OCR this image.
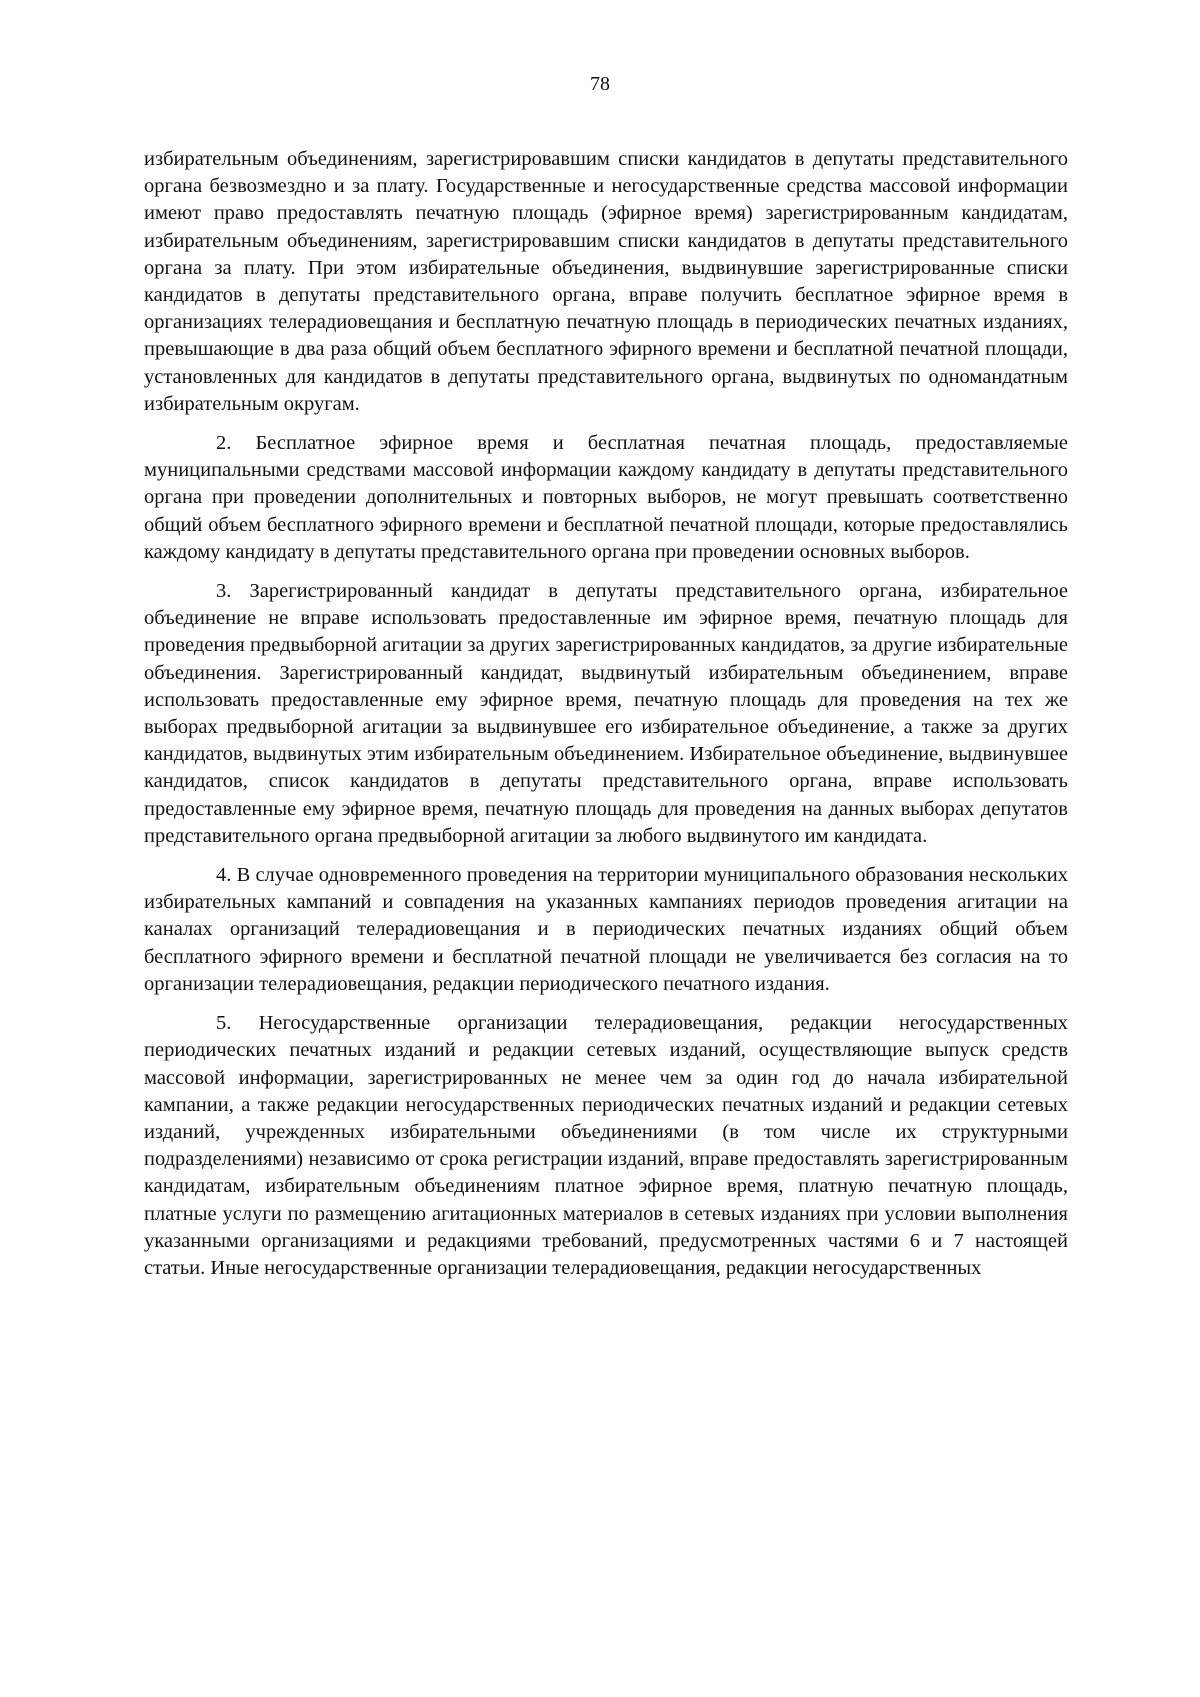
78

избирательным объединениям, зарегистрировавшим списки кандидатов в депутаты представительного органа безвозмездно и за плату. Государственные и негосударственные средства массовой информации имеют право предоставлять печатную площадь (эфирное время) зарегистрированным кандидатам, избирательным объединениям, зарегистрировавшим списки кандидатов в депутаты представительного органа за плату. При этом избирательные объединения, выдвинувшие зарегистрированные списки кандидатов в депутаты представительного органа, вправе получить бесплатное эфирное время в организациях телерадиовещания и бесплатную печатную площадь в периодических печатных изданиях, превышающие в два раза общий объем бесплатного эфирного времени и бесплатной печатной площади, установленных для кандидатов в депутаты представительного органа, выдвинутых по одномандатным избирательным округам.

2. Бесплатное эфирное время и бесплатная печатная площадь, предоставляемые муниципальными средствами массовой информации каждому кандидату в депутаты представительного органа при проведении дополнительных и повторных выборов, не могут превышать соответственно общий объем бесплатного эфирного времени и бесплатной печатной площади, которые предоставлялись каждому кандидату в депутаты представительного органа при проведении основных выборов.

3. Зарегистрированный кандидат в депутаты представительного органа, избирательное объединение не вправе использовать предоставленные им эфирное время, печатную площадь для проведения предвыборной агитации за других зарегистрированных кандидатов, за другие избирательные объединения. Зарегистрированный кандидат, выдвинутый избирательным объединением, вправе использовать предоставленные ему эфирное время, печатную площадь для проведения на тех же выборах предвыборной агитации за выдвинувшее его избирательное объединение, а также за других кандидатов, выдвинутых этим избирательным объединением. Избирательное объединение, выдвинувшее кандидатов, список кандидатов в депутаты представительного органа, вправе использовать предоставленные ему эфирное время, печатную площадь для проведения на данных выборах депутатов представительного органа предвыборной агитации за любого выдвинутого им кандидата.

4. В случае одновременного проведения на территории муниципального образования нескольких избирательных кампаний и совпадения на указанных кампаниях периодов проведения агитации на каналах организаций телерадиовещания и в периодических печатных изданиях общий объем бесплатного эфирного времени и бесплатной печатной площади не увеличивается без согласия на то организации телерадиовещания, редакции периодического печатного издания.

5. Негосударственные организации телерадиовещания, редакции негосударственных периодических печатных изданий и редакции сетевых изданий, осуществляющие выпуск средств массовой информации, зарегистрированных не менее чем за один год до начала избирательной кампании, а также редакции негосударственных периодических печатных изданий и редакции сетевых изданий, учрежденных избирательными объединениями (в том числе их структурными подразделениями) независимо от срока регистрации изданий, вправе предоставлять зарегистрированным кандидатам, избирательным объединениям платное эфирное время, платную печатную площадь, платные услуги по размещению агитационных материалов в сетевых изданиях при условии выполнения указанными организациями и редакциями требований, предусмотренных частями 6 и 7 настоящей статьи. Иные негосударственные организации телерадиовещания, редакции негосударственных
